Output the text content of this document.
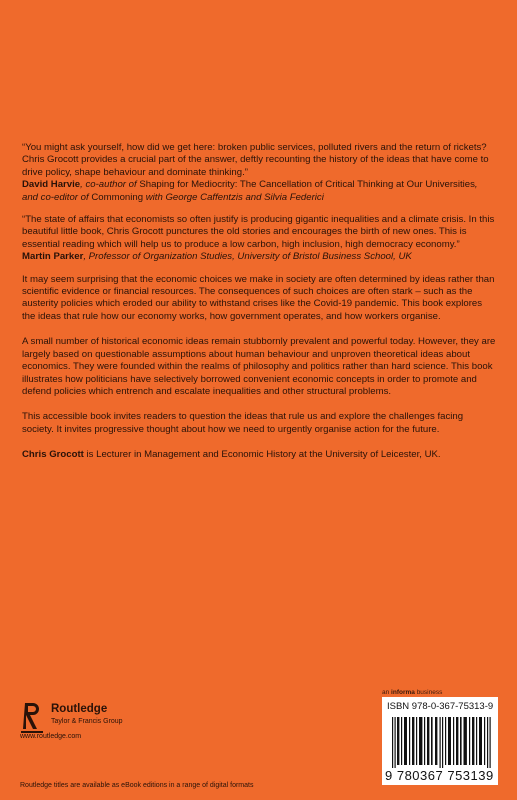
“You might ask yourself, how did we get here: broken public services, polluted rivers and the return of rickets? Chris Grocott provides a crucial part of the answer, deftly recounting the history of the ideas that have come to drive policy, shape behaviour and dominate thinking.”
David Harvie, co-author of Shaping for Mediocrity: The Cancellation of Critical Thinking at Our Universities, and co-editor of Commoning with George Caffentzis and Silvia Federici
“The state of affairs that economists so often justify is producing gigantic inequalities and a climate crisis. In this beautiful little book, Chris Grocott punctures the old stories and encourages the birth of new ones. This is essential reading which will help us to produce a low carbon, high inclusion, high democracy economy.”
Martin Parker, Professor of Organization Studies, University of Bristol Business School, UK

It may seem surprising that the economic choices we make in society are often determined by ideas rather than scientific evidence or financial resources. The consequences of such choices are often stark – such as the austerity policies which eroded our ability to withstand crises like the Covid-19 pandemic. This book explores the ideas that rule how our economy works, how government operates, and how workers organise.

A small number of historical economic ideas remain stubbornly prevalent and powerful today. However, they are largely based on questionable assumptions about human behaviour and unproven theoretical ideas about economics. They were founded within the realms of philosophy and politics rather than hard science. This book illustrates how politicians have selectively borrowed convenient economic concepts in order to promote and defend policies which entrench and escalate inequalities and other structural problems.

This accessible book invites readers to question the ideas that rule us and explore the challenges facing society. It invites progressive thought about how we need to urgently organise action for the future.

Chris Grocott is Lecturer in Management and Economic History at the University of Leicester, UK.

Routledge
Taylor & Francis Group
www.routledge.com
Routledge titles are available as eBook editions in a range of digital formats
an informa business
ISBN 978-0-367-75313-9
9 780367 753139
